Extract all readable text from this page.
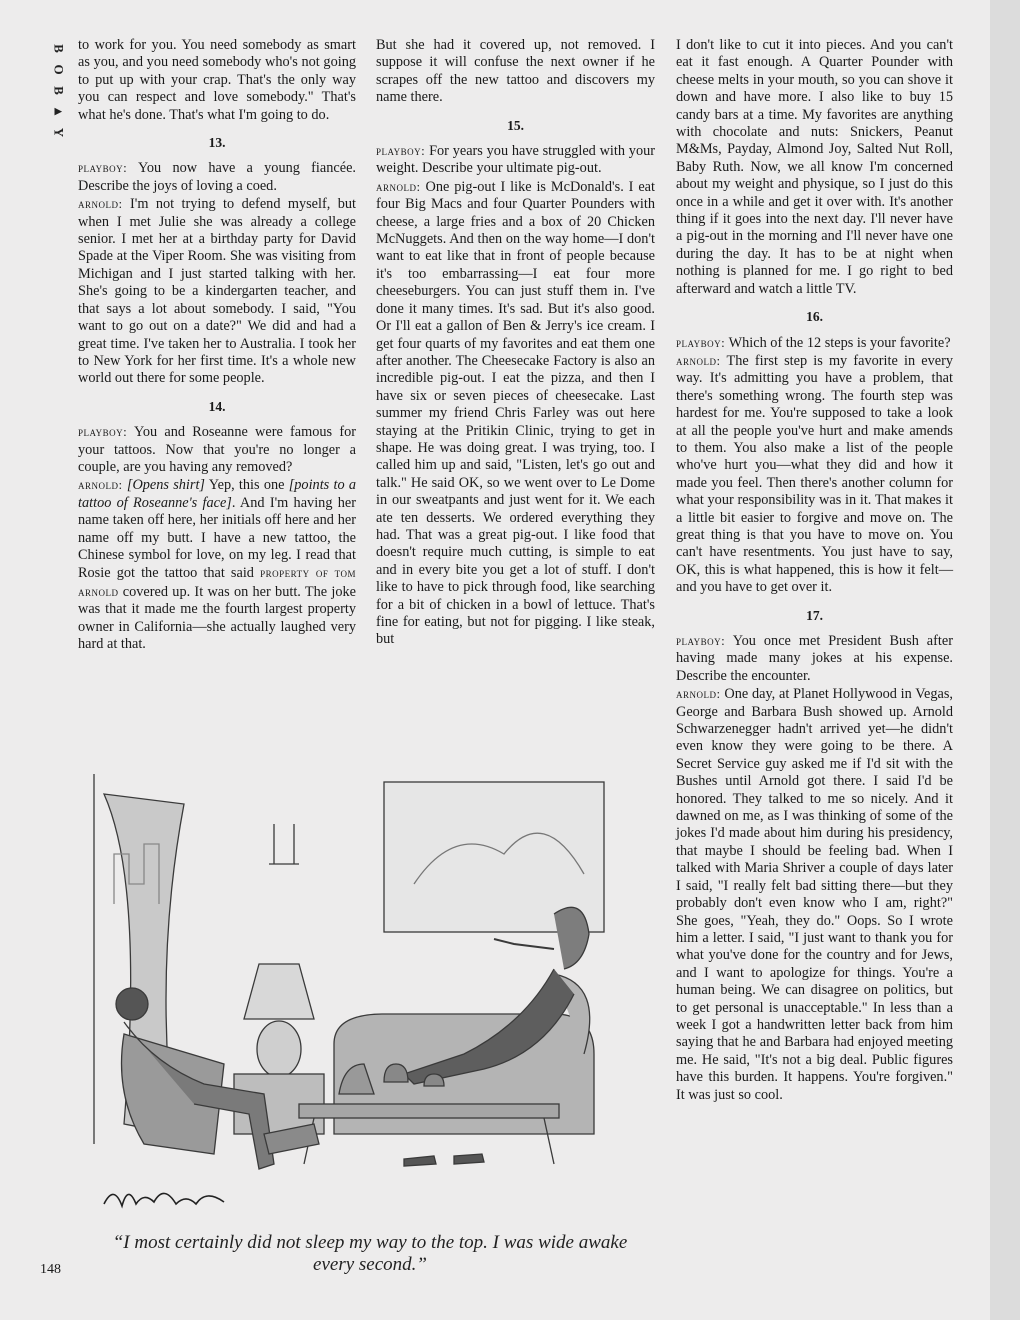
B
O
B
▲
Y

to work for you. You need somebody as smart as you, and you need somebody who's not going to put up with your crap. That's the only way you can respect and love somebody." That's what he's done. That's what I'm going to do.

13.

playboy: You now have a young fiancée. Describe the joys of loving a coed.

arnold: I'm not trying to defend myself, but when I met Julie she was already a college senior. I met her at a birthday party for David Spade at the Viper Room. She was visiting from Michigan and I just started talking with her. She's going to be a kindergarten teacher, and that says a lot about somebody. I said, "You want to go out on a date?" We did and had a great time. I've taken her to Australia. I took her to New York for her first time. It's a whole new world out there for some people.

14.

playboy: You and Roseanne were famous for your tattoos. Now that you're no longer a couple, are you having any removed?

arnold: [Opens shirt] Yep, this one [points to a tattoo of Roseanne's face]. And I'm having her name taken off here, her initials off here and her name off my butt. I have a new tattoo, the Chinese symbol for love, on my leg. I read that Rosie got the tattoo that said property of tom arnold covered up. It was on her butt. The joke was that it made me the fourth largest property owner in California—she actually laughed very hard at that.

But she had it covered up, not removed. I suppose it will confuse the next owner if he scrapes off the new tattoo and discovers my name there.

15.

playboy: For years you have struggled with your weight. Describe your ultimate pig-out.

arnold: One pig-out I like is McDonald's. I eat four Big Macs and four Quarter Pounders with cheese, a large fries and a box of 20 Chicken McNuggets. And then on the way home—I don't want to eat like that in front of people because it's too embarrassing—I eat four more cheeseburgers. You can just stuff them in. I've done it many times. It's sad. But it's also good. Or I'll eat a gallon of Ben & Jerry's ice cream. I get four quarts of my favorites and eat them one after another. The Cheesecake Factory is also an incredible pig-out. I eat the pizza, and then I have six or seven pieces of cheesecake. Last summer my friend Chris Farley was out here staying at the Pritikin Clinic, trying to get in shape. He was doing great. I was trying, too. I called him up and said, "Listen, let's go out and talk." He said OK, so we went over to Le Dome in our sweatpants and just went for it. We each ate ten desserts. We ordered everything they had. That was a great pig-out. I like food that doesn't require much cutting, is simple to eat and in every bite you get a lot of stuff. I don't like to have to pick through food, like searching for a bit of chicken in a bowl of lettuce. That's fine for eating, but not for pigging. I like steak, but

I don't like to cut it into pieces. And you can't eat it fast enough. A Quarter Pounder with cheese melts in your mouth, so you can shove it down and have more. I also like to buy 15 candy bars at a time. My favorites are anything with chocolate and nuts: Snickers, Peanut M&Ms, Payday, Almond Joy, Salted Nut Roll, Baby Ruth. Now, we all know I'm concerned about my weight and physique, so I just do this once in a while and get it over with. It's another thing if it goes into the next day. I'll never have a pig-out in the morning and I'll never have one during the day. It has to be at night when nothing is planned for me. I go right to bed afterward and watch a little TV.

16.

playboy: Which of the 12 steps is your favorite?

arnold: The first step is my favorite in every way. It's admitting you have a problem, that there's something wrong. The fourth step was hardest for me. You're supposed to take a look at all the people you've hurt and make amends to them. You also make a list of the people who've hurt you—what they did and how it made you feel. Then there's another column for what your responsibility was in it. That makes it a little bit easier to forgive and move on. The great thing is that you have to move on. You can't have resentments. You just have to say, OK, this is what happened, this is how it felt—and you have to get over it.

17.

playboy: You once met President Bush after having made many jokes at his expense. Describe the encounter.

arnold: One day, at Planet Hollywood in Vegas, George and Barbara Bush showed up. Arnold Schwarzenegger hadn't arrived yet—he didn't even know they were going to be there. A Secret Service guy asked me if I'd sit with the Bushes until Arnold got there. I said I'd be honored. They talked to me so nicely. And it dawned on me, as I was thinking of some of the jokes I'd made about him during his presidency, that maybe I should be feeling bad. When I talked with Maria Shriver a couple of days later I said, "I really felt bad sitting there—but they probably don't even know who I am, right?" She goes, "Yeah, they do." Oops. So I wrote him a letter. I said, "I just want to thank you for what you've done for the country and for Jews, and I want to apologize for things. You're a human being. We can disagree on politics, but to get personal is unacceptable." In less than a week I got a handwritten letter back from him saying that he and Barbara had enjoyed meeting me. He said, "It's not a big deal. Public figures have this burden. It happens. You're forgiven." It was just so cool.

“I most certainly did not sleep my way to the top. I was wide awake every second.”
148
